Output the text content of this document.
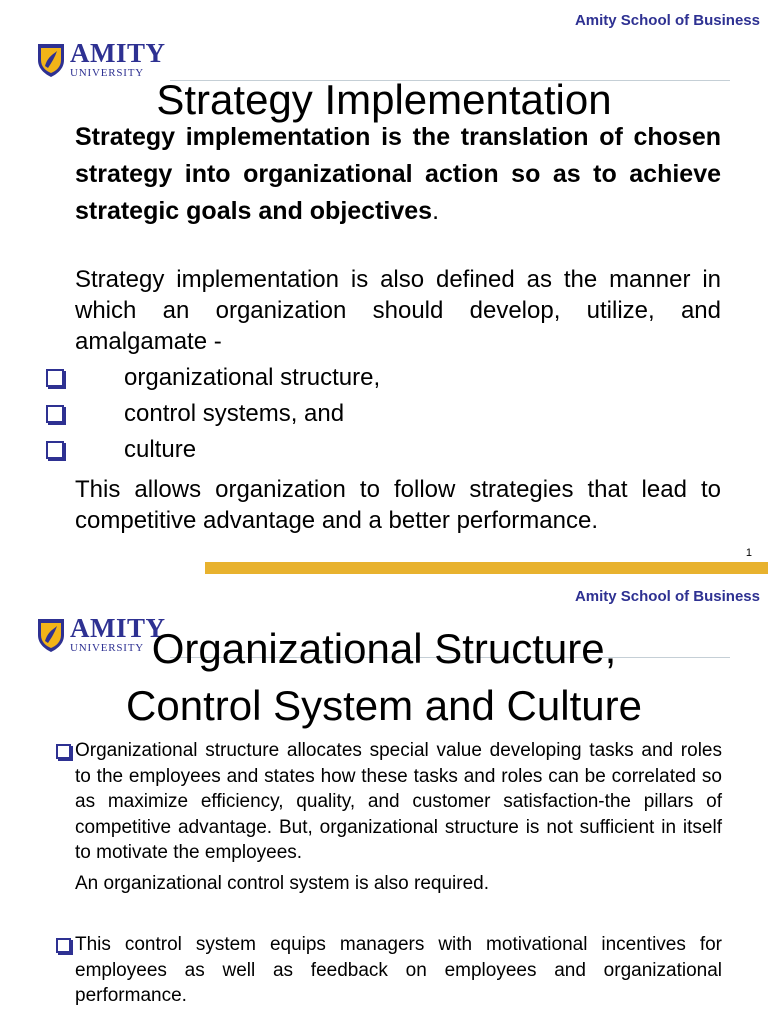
Amity School of Business
AMITY
UNIVERSITY
Strategy Implementation
Strategy implementation is the translation of chosen strategy into organizational action so as to achieve strategic goals and objectives.
Strategy implementation is also defined as the manner in which an organization should develop, utilize, and amalgamate -
organizational structure,
control systems, and
culture
This allows organization to follow strategies that lead to competitive advantage and a better performance.
1
Amity School of Business
AMITY
UNIVERSITY Organizational Structure,
Control System and Culture
Organizational structure allocates special value developing tasks and roles to the employees and states how these tasks and roles can be correlated so as maximize efficiency, quality, and customer satisfaction-the pillars of competitive advantage. But, organizational structure is not sufficient in itself to motivate the employees.
An organizational control system is also required.
This control system equips managers with motivational incentives for employees as well as feedback on employees and organizational performance.
